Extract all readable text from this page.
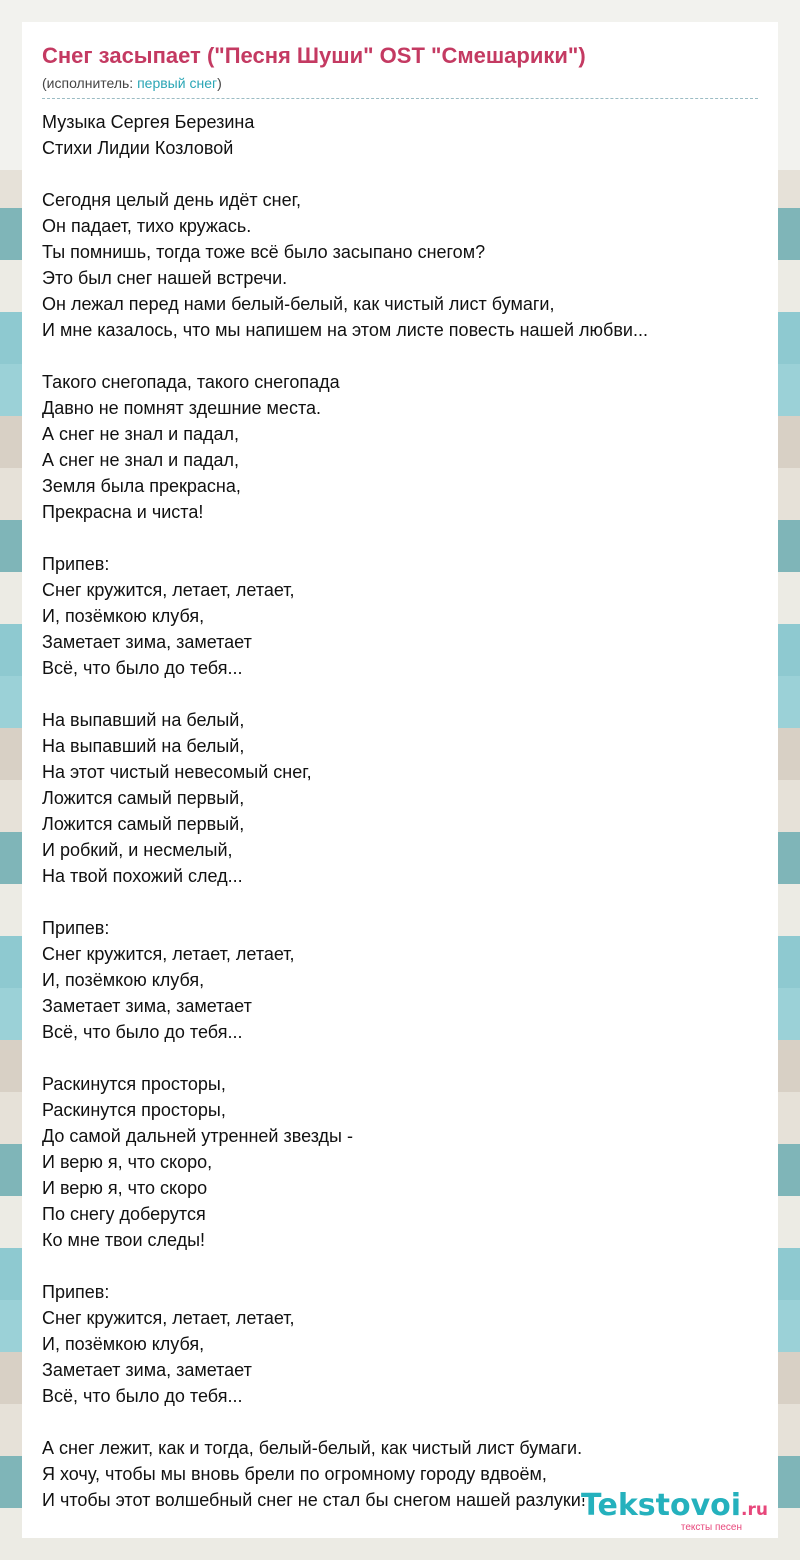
Снег засыпает ("Песня Шуши" OST "Смешарики")
(исполнитель: первый снег)
Музыка Сергея Березина
Стихи Лидии Козловой
Сегодня целый день идёт снег,
Он падает, тихо кружась.
Ты помнишь, тогда тоже всё было засыпано снегом?
Это был снег нашей встречи.
Он лежал перед нами белый-белый, как чистый лист бумаги,
И мне казалось, что мы напишем на этом листе повесть нашей любви...
Такого снегопада, такого снегопада
Давно не помнят здешние места.
А снег не знал и падал,
А снег не знал и падал,
Земля была прекрасна,
Прекрасна и чиста!
Припев:
Снег кружится, летает, летает,
И, позёмкою клубя,
Заметает зима, заметает
Всё, что было до тебя...
На выпавший на белый,
На выпавший на белый,
На этот чистый невесомый снег,
Ложится самый первый,
Ложится самый первый,
И робкий, и несмелый,
На твой похожий след...
Припев:
Снег кружится, летает, летает,
И, позёмкою клубя,
Заметает зима, заметает
Всё, что было до тебя...
Раскинутся просторы,
Раскинутся просторы,
До самой дальней утренней звезды -
И верю я, что скоро,
И верю я, что скоро
По снегу доберутся
Ко мне твои следы!
Припев:
Снег кружится, летает, летает,
И, позёмкою клубя,
Заметает зима, заметает
Всё, что было до тебя...
А снег лежит, как и тогда, белый-белый, как чистый лист бумаги.
Я хочу, чтобы мы вновь брели по огромному городу вдвоём,
И чтобы этот волшебный снег не стал бы снегом нашей разлуки!
Tekstovoi.ru
тексты песен
